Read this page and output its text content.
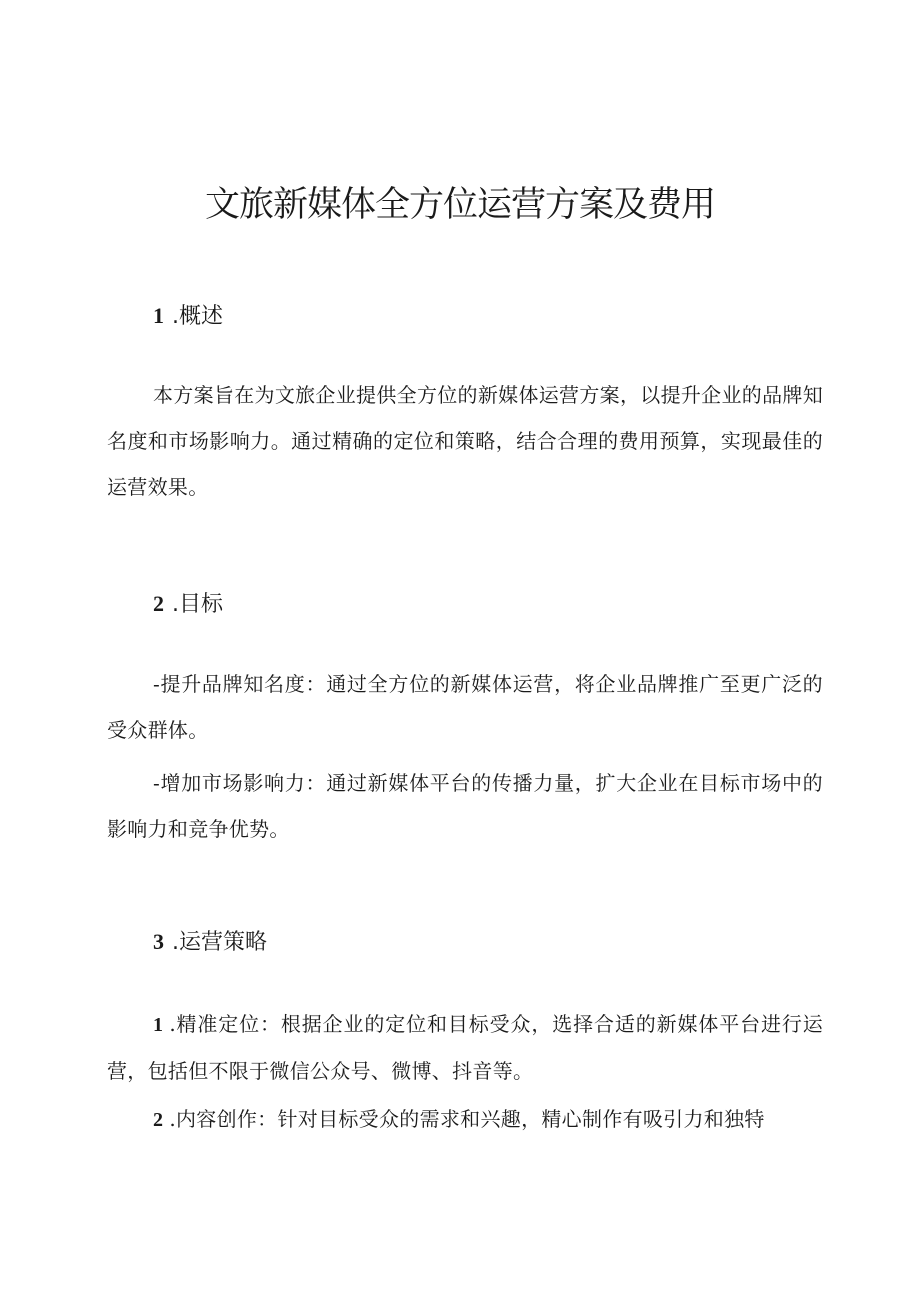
文旅新媒体全方位运营方案及费用
1 .概述

本方案旨在为文旅企业提供全方位的新媒体运营方案，以提升企业的品牌知名度和市场影响力。通过精确的定位和策略，结合合理的费用预算，实现最佳的运营效果。

2 .目标

-提升品牌知名度：通过全方位的新媒体运营，将企业品牌推广至更广泛的受众群体。

-增加市场影响力：通过新媒体平台的传播力量，扩大企业在目标市场中的影响力和竞争优势。

3 .运营策略

1 .精准定位：根据企业的定位和目标受众，选择合适的新媒体平台进行运营，包括但不限于微信公众号、微博、抖音等。

2 .内容创作：针对目标受众的需求和兴趣，精心制作有吸引力和独特
